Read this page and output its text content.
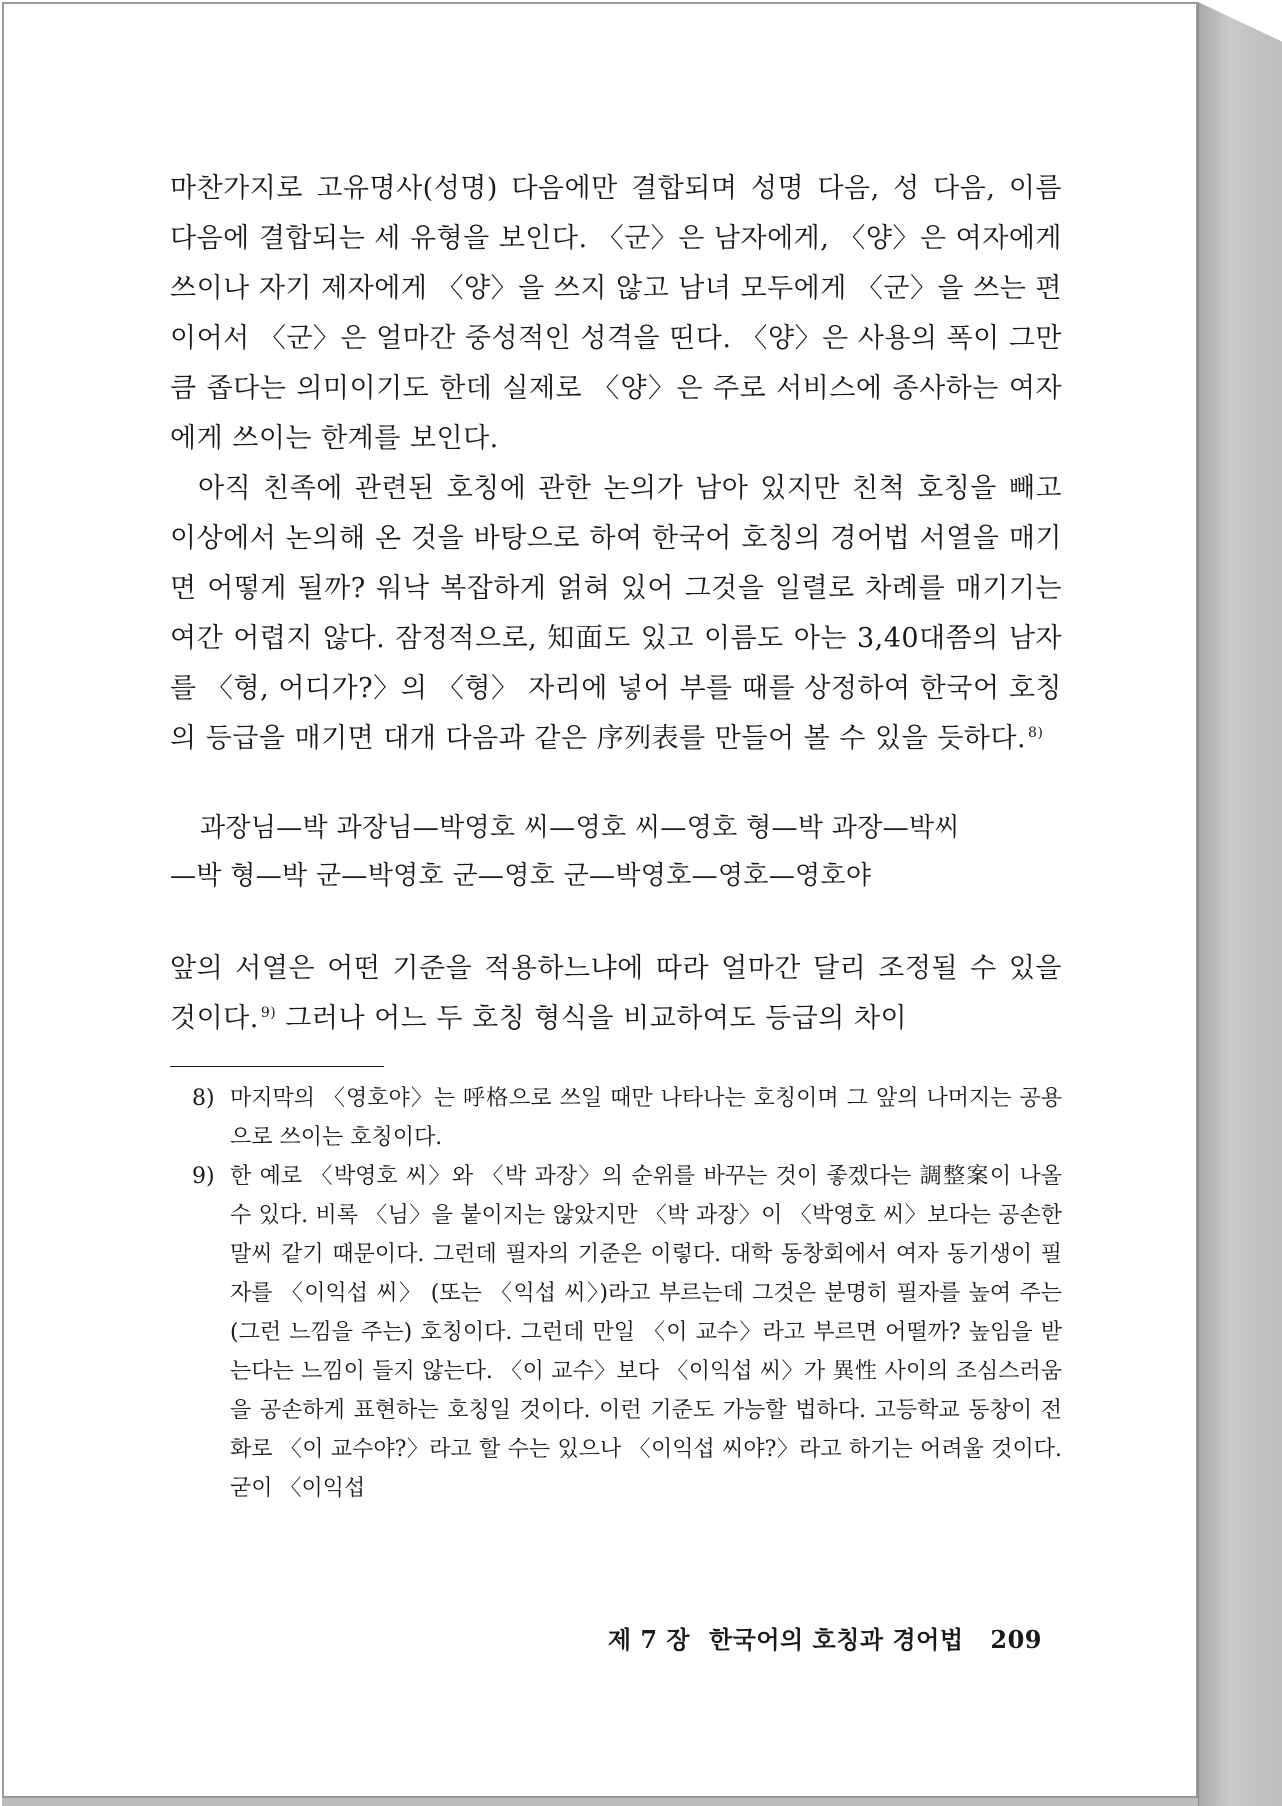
마찬가지로 고유명사(성명) 다음에만 결합되며 성명 다음, 성 다음, 이름 다음에 결합되는 세 유형을 보인다. 〈군〉은 남자에게, 〈양〉은 여자에게 쓰이나 자기 제자에게 〈양〉을 쓰지 않고 남녀 모두에게 〈군〉을 쓰는 편이어서 〈군〉은 얼마간 중성적인 성격을 띤다. 〈양〉은 사용의 폭이 그만큼 좁다는 의미이기도 한데 실제로 〈양〉은 주로 서비스에 종사하는 여자에게 쓰이는 한계를 보인다.

아직 친족에 관련된 호칭에 관한 논의가 남아 있지만 친척 호칭을 빼고 이상에서 논의해 온 것을 바탕으로 하여 한국어 호칭의 경어법 서열을 매기면 어떻게 될까? 워낙 복잡하게 얽혀 있어 그것을 일렬로 차례를 매기기는 여간 어렵지 않다. 잠정적으로, 知面도 있고 이름도 아는 3,40대쯤의 남자를 〈형, 어디가?〉의 〈형〉 자리에 넣어 부를 때를 상정하여 한국어 호칭의 등급을 매기면 대개 다음과 같은 序列表를 만들어 볼 수 있을 듯하다. $^{8)}$

과장님—박 과장님—박영호 씨—영호 씨—영호 형—박 과장—박씨
—박 형—박 군—박영호 군—영호 군—박영호—영호—영호야

앞의 서열은 어떤 기준을 적용하느냐에 따라 얼마간 달리 조정될 수 있을 것이다. $^{9)}$ 그러나 어느 두 호칭 형식을 비교하여도 등급의 차이

8) 마지막의 〈영호야〉는 呼格으로 쓰일 때만 나타나는 호칭이며 그 앞의 나머지는 공용으로 쓰이는 호칭이다.

9) 한 예로 〈박영호 씨〉와 〈박 과장〉의 순위를 바꾸는 것이 좋겠다는 調整案이 나올 수 있다. 비록 〈님〉을 붙이지는 않았지만 〈박 과장〉이 〈박영호 씨〉보다는 공손한 말씨 같기 때문이다. 그런데 필자의 기준은 이렇다. 대학 동창회에서 여자 동기생이 필자를 〈이익섭 씨〉 (또는 〈익섭 씨〉)라고 부르는데 그것은 분명히 필자를 높여 주는(그런 느낌을 주는) 호칭이다. 그런데 만일 〈이 교수〉라고 부르면 어떨까? 높임을 받는다는 느낌이 들지 않는다. 〈이 교수〉보다 〈이익섭 씨〉가 異性 사이의 조심스러움을 공손하게 표현하는 호칭일 것이다. 이런 기준도 가능할 법하다. 고등학교 동창이 전화로 〈이 교수야?〉라고 할 수는 있으나 〈이익섭 씨야?〉라고 하기는 어려울 것이다. 굳이 〈이익섭

제 7 장 한국어의 호칭과 경어법 209
